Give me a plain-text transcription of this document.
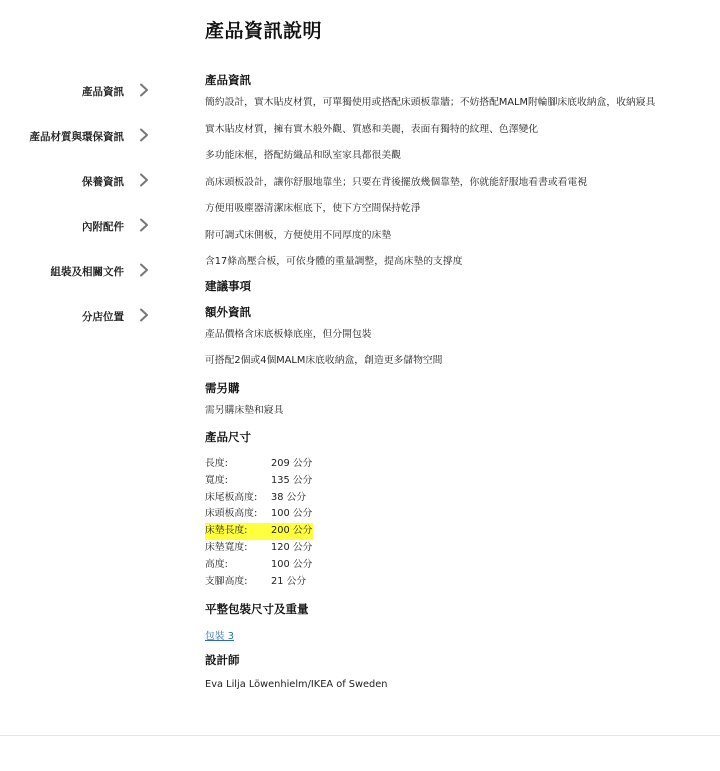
產品資訊說明
產品資訊
產品材質與環保資訊
保養資訊
內附配件
組裝及相關文件
分店位置
產品資訊

簡約設計，實木貼皮材質，可單獨使用或搭配床頭板靠牆；不妨搭配MALM附輪腳床底收納盒，收納寢具

實木貼皮材質，擁有實木般外觀、質感和美麗，表面有獨特的紋理、色澤變化

多功能床框，搭配紡織品和臥室家具都很美觀

高床頭板設計，讓你舒服地靠坐；只要在背後擺放幾個靠墊，你就能舒服地看書或看電視

方便用吸塵器清潔床框底下，使下方空間保持乾淨

附可調式床側板，方便使用不同厚度的床墊

含17條高壓合板，可依身體的重量調整，提高床墊的支撐度

建議事項
額外資訊

產品價格含床底板條底座，但分開包裝

可搭配2個或4個MALM床底收納盒，創造更多儲物空間

需另購

需另購床墊和寢具

產品尺寸
長度:	209 公分
寬度:	135 公分
床尾板高度: 38 公分
床頭板高度: 100 公分
床墊長度: 200 公分
床墊寬度: 120 公分
高度:	100 公分
支腳高度: 21 公分
平整包裝尺寸及重量
包裝 3
設計師

Eva Lilja Löwenhielm/IKEA of Sweden
